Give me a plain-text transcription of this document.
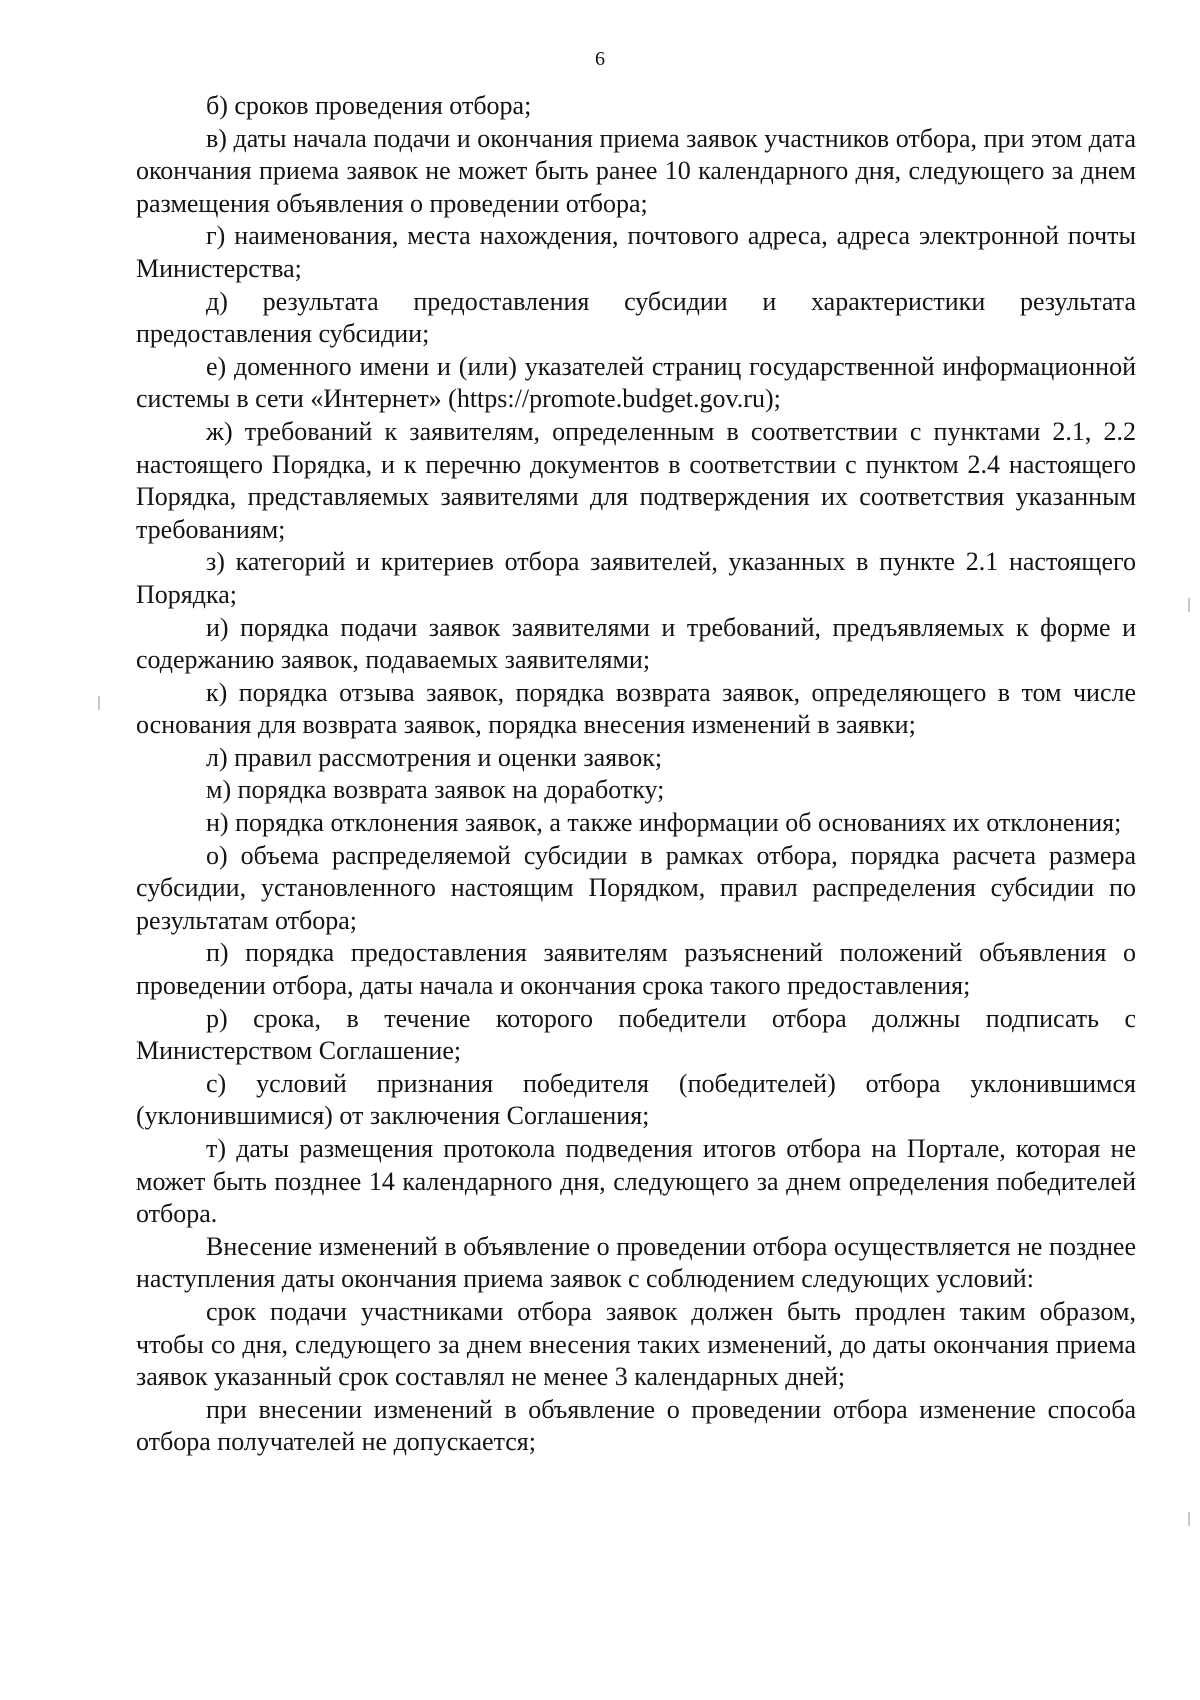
6

б) сроков проведения отбора;

в) даты начала подачи и окончания приема заявок участников отбора, при этом дата окончания приема заявок не может быть ранее 10 календарного дня, следующего за днем размещения объявления о проведении отбора;

г) наименования, места нахождения, почтового адреса, адреса электронной почты Министерства;

д) результата предоставления субсидии и характеристики результата предоставления субсидии;

е) доменного имени и (или) указателей страниц государственной информационной системы в сети «Интернет» (https://promote.budget.gov.ru);

ж) требований к заявителям, определенным в соответствии с пунктами 2.1, 2.2 настоящего Порядка, и к перечню документов в соответствии с пунктом 2.4 настоящего Порядка, представляемых заявителями для подтверждения их соответствия указанным требованиям;

з) категорий и критериев отбора заявителей, указанных в пункте 2.1 настоящего Порядка;

и) порядка подачи заявок заявителями и требований, предъявляемых к форме и содержанию заявок, подаваемых заявителями;

к) порядка отзыва заявок, порядка возврата заявок, определяющего в том числе основания для возврата заявок, порядка внесения изменений в заявки;

л) правил рассмотрения и оценки заявок;

м) порядка возврата заявок на доработку;

н) порядка отклонения заявок, а также информации об основаниях их отклонения;

о) объема распределяемой субсидии в рамках отбора, порядка расчета размера субсидии, установленного настоящим Порядком, правил распределения субсидии по результатам отбора;

п) порядка предоставления заявителям разъяснений положений объявления о проведении отбора, даты начала и окончания срока такого предоставления;

р) срока, в течение которого победители отбора должны подписать с Министерством Соглашение;

с) условий признания победителя (победителей) отбора уклонившимся (уклонившимися) от заключения Соглашения;

т) даты размещения протокола подведения итогов отбора на Портале, которая не может быть позднее 14 календарного дня, следующего за днем определения победителей отбора.

Внесение изменений в объявление о проведении отбора осуществляется не позднее наступления даты окончания приема заявок с соблюдением следующих условий:

срок подачи участниками отбора заявок должен быть продлен таким образом, чтобы со дня, следующего за днем внесения таких изменений, до даты окончания приема заявок указанный срок составлял не менее 3 календарных дней;

при внесении изменений в объявление о проведении отбора изменение способа отбора получателей не допускается;
